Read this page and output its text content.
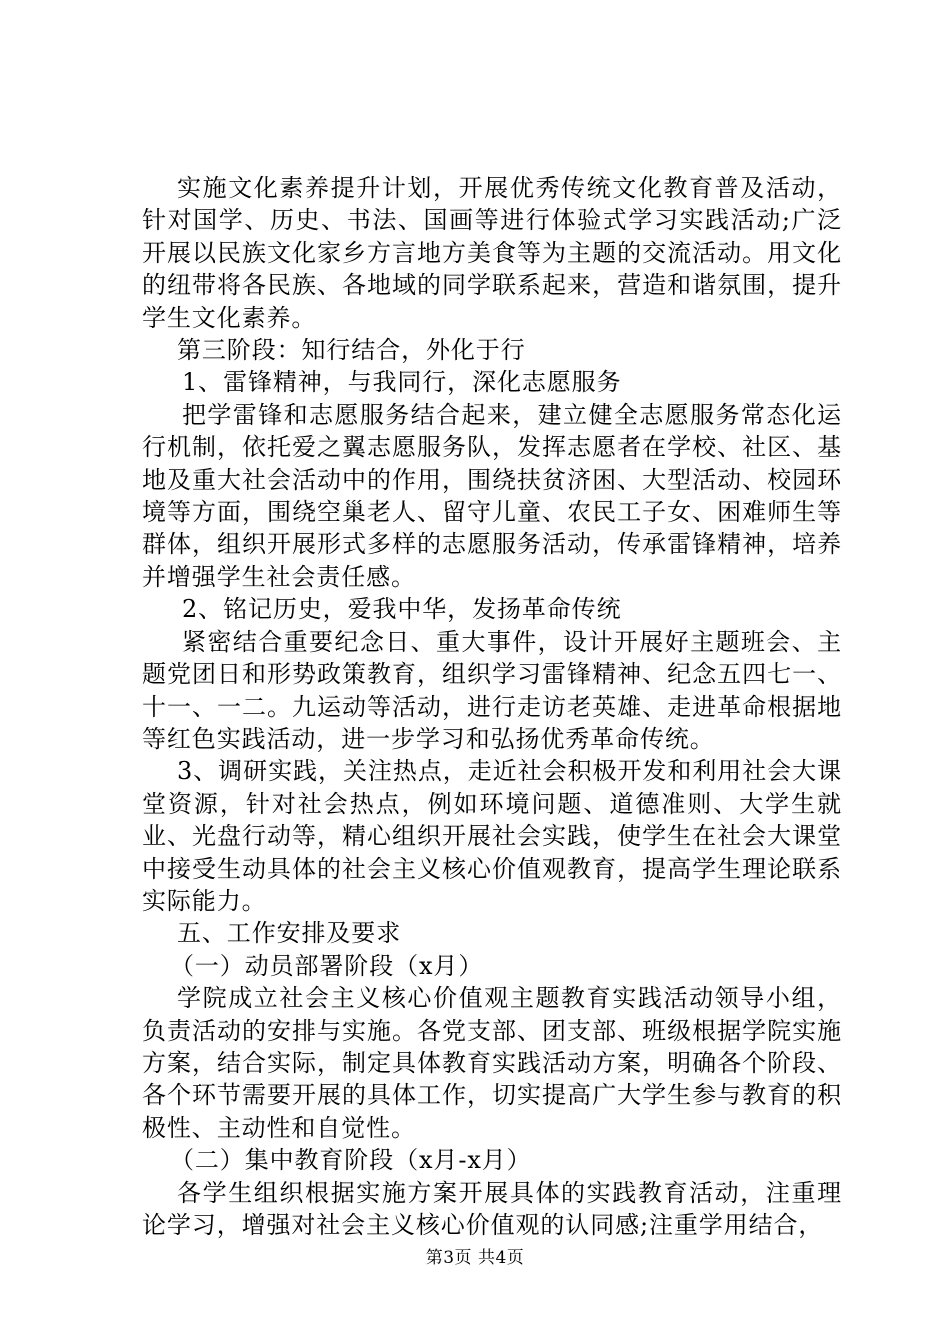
实施文化素养提升计划，开展优秀传统文化教育普及活动，针对国学、历史、书法、国画等进行体验式学习实践活动;广泛开展以民族文化家乡方言地方美食等为主题的交流活动。用文化的纽带将各民族、各地域的同学联系起来，营造和谐氛围，提升学生文化素养。

第三阶段：知行结合，外化于行

1、雷锋精神，与我同行，深化志愿服务

把学雷锋和志愿服务结合起来，建立健全志愿服务常态化运行机制，依托爱之翼志愿服务队，发挥志愿者在学校、社区、基地及重大社会活动中的作用，围绕扶贫济困、大型活动、校园环境等方面，围绕空巢老人、留守儿童、农民工子女、困难师生等群体，组织开展形式多样的志愿服务活动，传承雷锋精神，培养并增强学生社会责任感。

2、铭记历史，爱我中华，发扬革命传统

紧密结合重要纪念日、重大事件，设计开展好主题班会、主题党团日和形势政策教育，组织学习雷锋精神、纪念五四七一、十一、一二。九运动等活动，进行走访老英雄、走进革命根据地等红色实践活动，进一步学习和弘扬优秀革命传统。

3、调研实践，关注热点，走近社会积极开发和利用社会大课堂资源，针对社会热点，例如环境问题、道德准则、大学生就业、光盘行动等，精心组织开展社会实践，使学生在社会大课堂中接受生动具体的社会主义核心价值观教育，提高学生理论联系实际能力。

五、工作安排及要求

（一）动员部署阶段（x月）

学院成立社会主义核心价值观主题教育实践活动领导小组，负责活动的安排与实施。各党支部、团支部、班级根据学院实施方案，结合实际，制定具体教育实践活动方案，明确各个阶段、各个环节需要开展的具体工作，切实提高广大学生参与教育的积极性、主动性和自觉性。

（二）集中教育阶段（x月-x月）

各学生组织根据实施方案开展具体的实践教育活动，注重理论学习，增强对社会主义核心价值观的认同感;注重学用结合，

第3页 共4页
